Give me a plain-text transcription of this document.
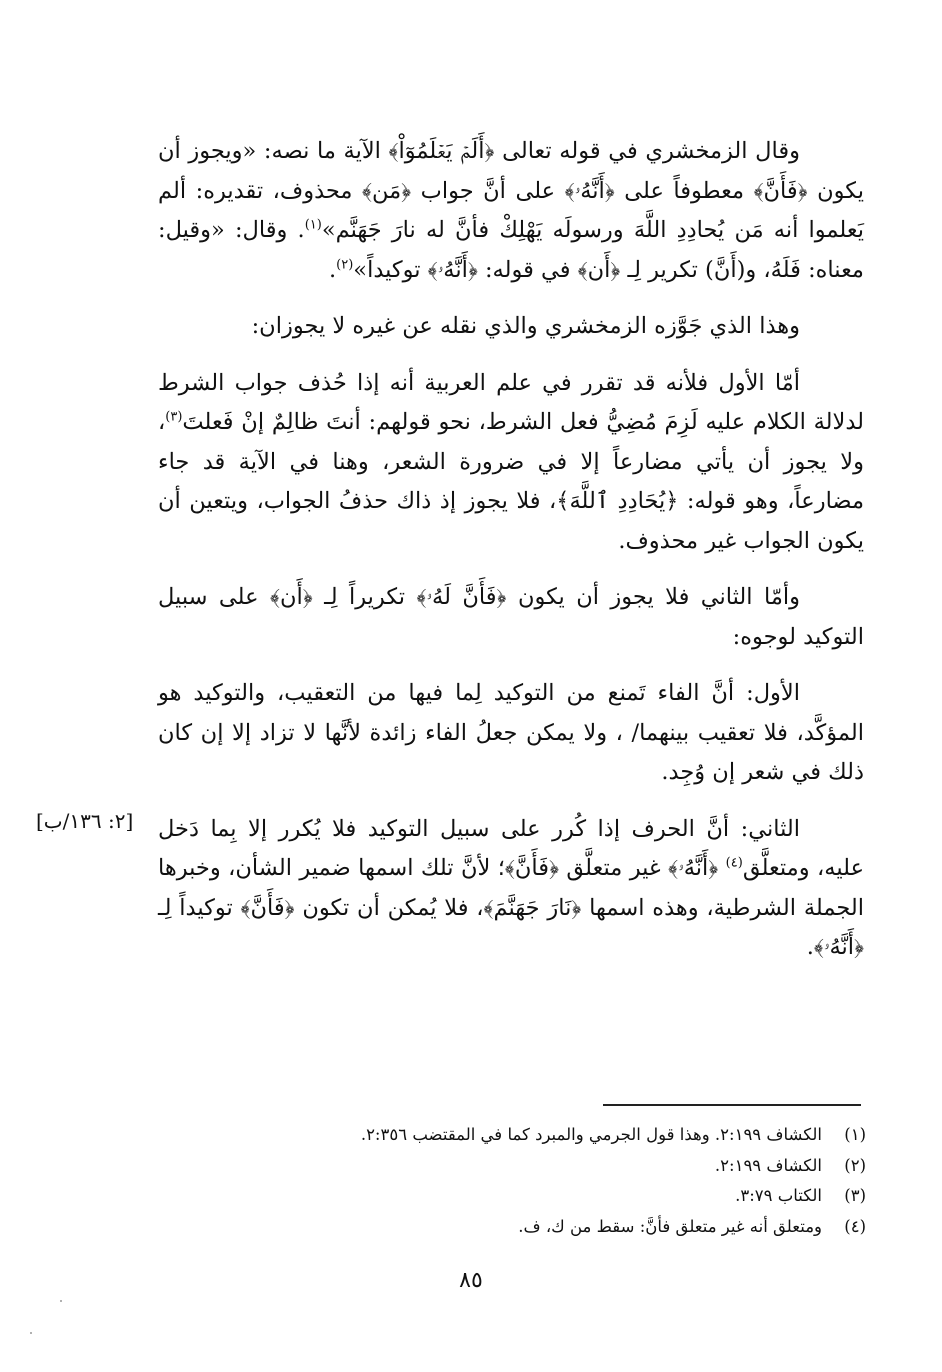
وقال الزمخشري في قوله تعالى ﴿أَلَمۡ يَعۡلَمُوٓاْ﴾ الآية ما نصه: «ويجوز أن يكون ﴿فَأَنَّ﴾ معطوفاً على ﴿أَنَّهُۥ﴾ على أنَّ جواب ﴿مَن﴾ محذوف، تقديره: ألم يَعلموا أنه مَن يُحادِدِ اللَّهَ ورسولَه يَهْلِكْ فأنَّ له نارَ جَهَنَّم»$^{(١)}$. وقال: «وقيل: معناه: فَلَهُ، و(أَنَّ) تكرير لِـ ﴿أَن﴾ في قوله: ﴿أَنَّهُۥ﴾ توكيداً»$^{(٢)}$.

وهذا الذي جَوَّزه الزمخشري والذي نقله عن غيره لا يجوزان:

أمّا الأول فلأنه قد تقرر في علم العربية أنه إذا حُذف جواب الشرط لدلالة الكلام عليه لَزِمَ مُضِيُّ فعل الشرط، نحو قولهم: أنتَ ظالِمٌ إنْ فَعلتَ$^{(٣)}$، ولا يجوز أن يأتي مضارعاً إلا في ضرورة الشعر، وهنا في الآية قد جاء مضارعاً، وهو قوله: ﴿يُحَادِدِ ٱللَّهَ﴾، فلا يجوز إذ ذاك حذفُ الجواب، ويتعين أن يكون الجواب غير محذوف.

وأمّا الثاني فلا يجوز أن يكون ﴿فَأَنَّ لَهُۥ﴾ تكريراً لِـ ﴿أَن﴾ على سبيل التوكيد لوجوه:

الأول: أنَّ الفاء تَمنع من التوكيد لِما فيها من التعقيب، والتوكيد هو المؤكَّد، فلا تعقيب بينهما/ ، ولا يمكن جعلُ الفاء زائدة لأنَّها لا تزاد إلا إن كان ذلك في شعر إن وُجِد.

الثاني: أنَّ الحرف إذا كُرر على سبيل التوكيد فلا يُكرر إلا بِما دَخل عليه، ومتعلَّق$^{(٤)}$ ﴿أَنَّهُۥ﴾ غير متعلَّق ﴿فَأَنَّ﴾؛ لأنَّ تلك اسمها ضمير الشأن، وخبرها الجملة الشرطية، وهذه اسمها ﴿نَارَ جَهَنَّمَ﴾، فلا يُمكن أن تكون ﴿فَأَنَّ﴾ توكيداً لِـ ﴿أَنَّهُۥ﴾.

[٢: ١٣٦/ب]
(١)
الكشاف ٢:١٩٩. وهذا قول الجرمي والمبرد كما في المقتضب ٢:٣٥٦.
(٢)
الكشاف ٢:١٩٩.
(٣)
الكتاب ٣:٧٩.
(٤)
ومتعلق أنه غير متعلق فأنَّ: سقط من ك، ف.
٨٥
